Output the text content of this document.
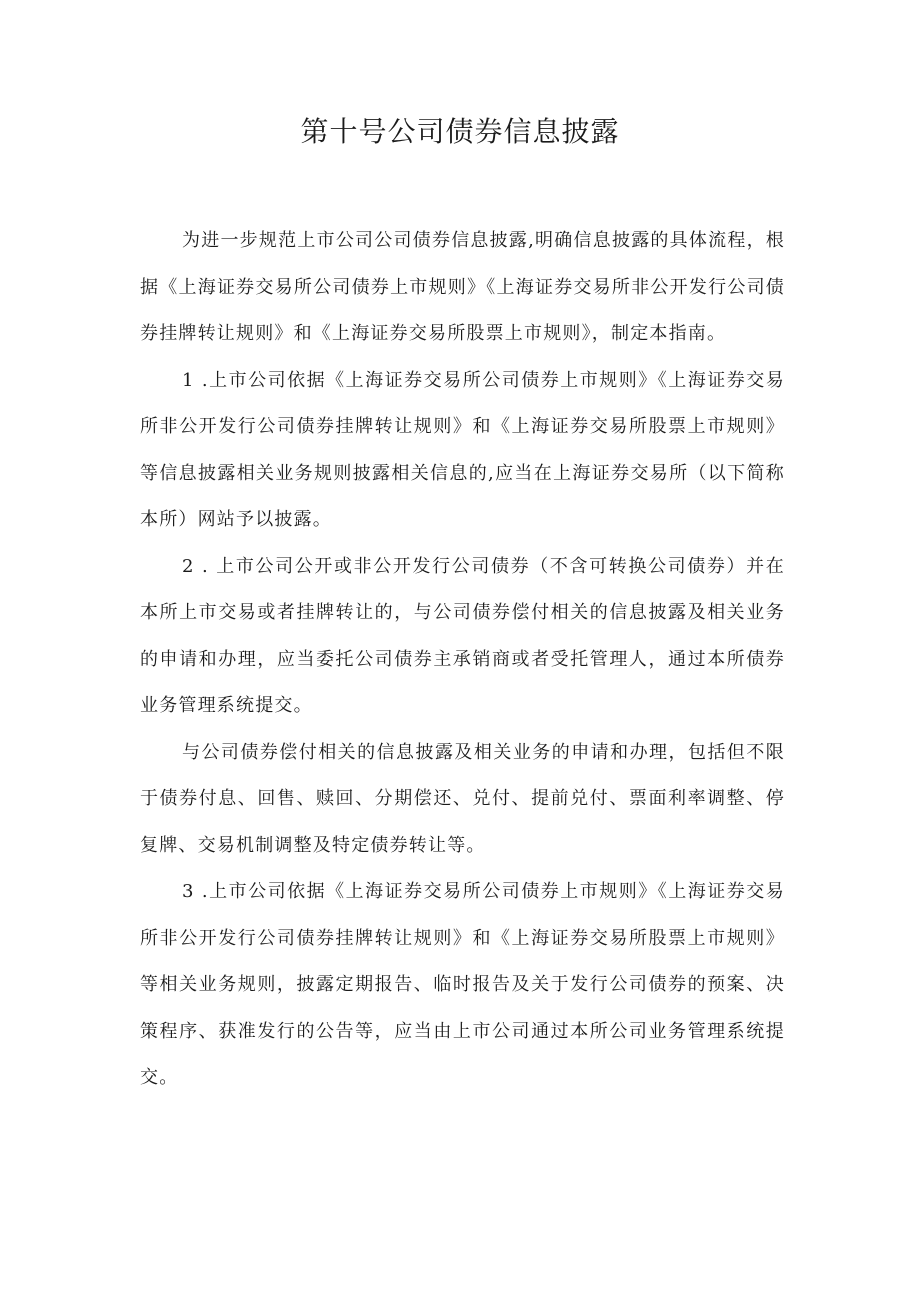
第十号公司债券信息披露

为进一步规范上市公司公司债券信息披露,明确信息披露的具体流程，根据《上海证券交易所公司债券上市规则》《上海证券交易所非公开发行公司债券挂牌转让规则》和《上海证券交易所股票上市规则》，制定本指南。

1 .上市公司依据《上海证券交易所公司债券上市规则》《上海证券交易所非公开发行公司债券挂牌转让规则》和《上海证券交易所股票上市规则》等信息披露相关业务规则披露相关信息的,应当在上海证券交易所（以下简称本所）网站予以披露。

2 . 上市公司公开或非公开发行公司债券（不含可转换公司债券）并在本所上市交易或者挂牌转让的，与公司债券偿付相关的信息披露及相关业务的申请和办理，应当委托公司债券主承销商或者受托管理人，通过本所债券业务管理系统提交。

与公司债券偿付相关的信息披露及相关业务的申请和办理，包括但不限于债券付息、回售、赎回、分期偿还、兑付、提前兑付、票面利率调整、停复牌、交易机制调整及特定债券转让等。

3 .上市公司依据《上海证券交易所公司债券上市规则》《上海证券交易所非公开发行公司债券挂牌转让规则》和《上海证券交易所股票上市规则》等相关业务规则，披露定期报告、临时报告及关于发行公司债券的预案、决策程序、获准发行的公告等，应当由上市公司通过本所公司业务管理系统提交。
